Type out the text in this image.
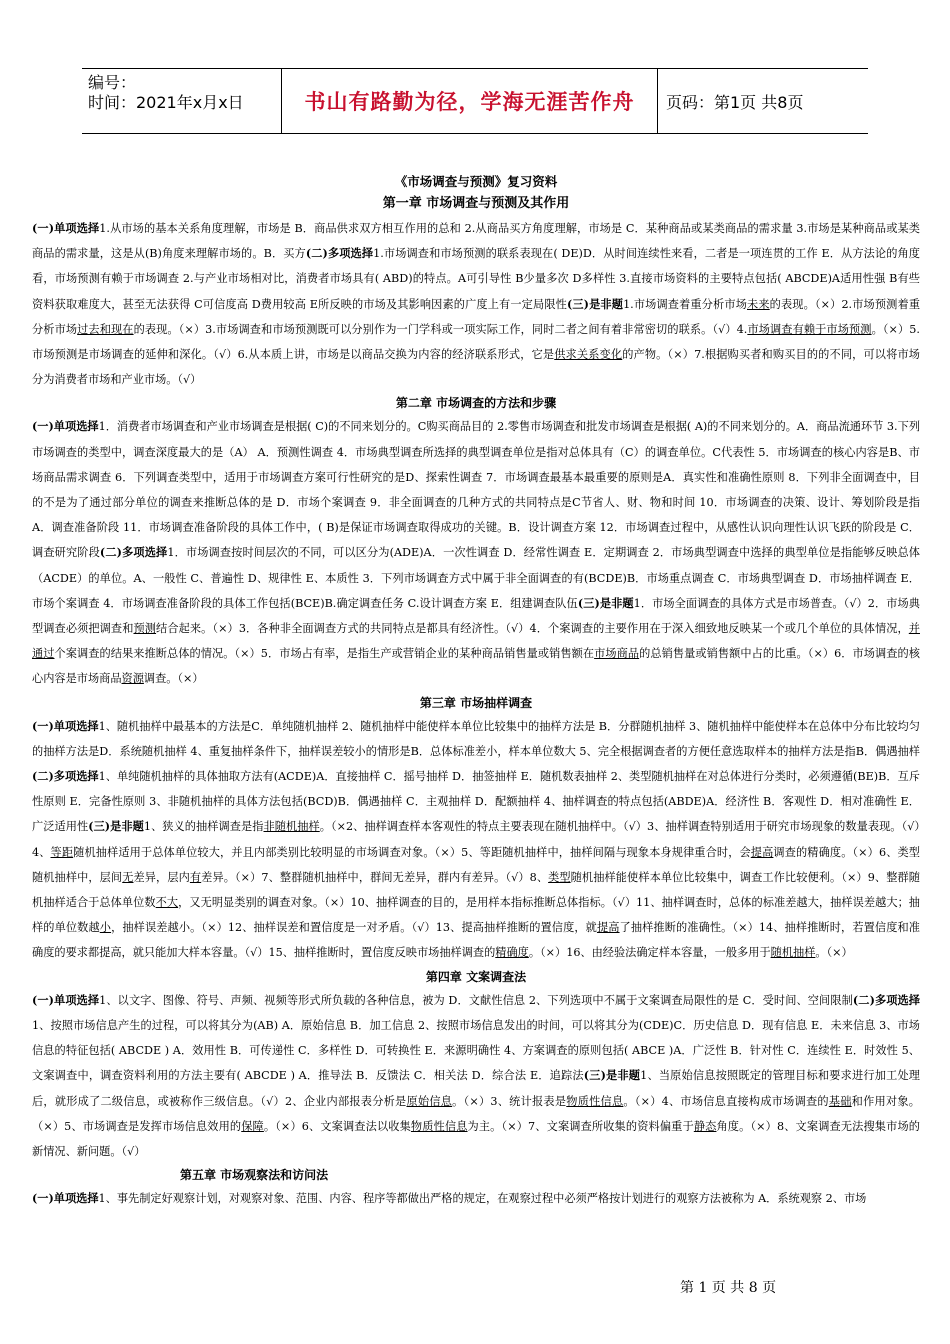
编号：
时间：2021年x月x日	书山有路勤为径，学海无涯苦作舟 页码：第1页 共8页
《市场调查与预测》复习资料
第一章 市场调查与预测及其作用

(一)单项选择1.从市场的基本关系角度理解，市场是 B．商品供求双方相互作用的总和 2.从商品买方角度理解，市场是 C．某种商品或某类商品的需求量 3.市场是某种商品或某类商品的需求量，这是从(B)角度来理解市场的。B．买方(二)多项选择1.市场调查和市场预测的联系表现在( DE)D．从时间连续性来看，二者是一项连贯的工作 E．从方法论的角度看，市场预测有赖于市场调查 2.与产业市场相对比，消费者市场具有( ABD)的特点。A可引导性 B少量多次 D多样性 3.直接市场资料的主要特点包括( ABCDE)A适用性强 B有些资料获取难度大，甚至无法获得 C可信度高 D费用较高 E所反映的市场及其影响因素的广度上有一定局限性(三)是非题1.市场调查着重分析市场未来的表现。（×）2.市场预测着重分析市场过去和现在的表现。（×）3.市场调查和市场预测既可以分别作为一门学科或一项实际工作，同时二者之间有着非常密切的联系。（√）4.市场调查有赖于市场预测。（×）5.市场预测是市场调查的延伸和深化。（√）6.从本质上讲，市场是以商品交换为内容的经济联系形式，它是供求关系变化的产物。（×）7.根据购买者和购买目的的不同，可以将市场分为消费者市场和产业市场。（√）

第二章 市场调查的方法和步骤

(一)单项选择1．消费者市场调查和产业市场调查是根据( C)的不同来划分的。C购买商品目的 2.零售市场调查和批发市场调查是根据( A)的不同来划分的。A．商品流通环节 3.下列市场调查的类型中，调查深度最大的是（A） A．预测性调查 4．市场典型调查所选择的典型调查单位是指对总体具有（C）的调查单位。C代表性 5．市场调查的核心内容是B、市场商品需求调查 6．下列调查类型中，适用于市场调查方案可行性研究的是D、探索性调查 7．市场调查最基本最重要的原则是A．真实性和准确性原则 8．下列非全面调查中，目的不是为了通过部分单位的调查来推断总体的是 D．市场个案调查 9．非全面调查的几种方式的共同特点是C节省人、财、物和时间 10．市场调查的决策、设计、筹划阶段是指 A．调查准备阶段 11．市场调查准备阶段的具体工作中，( B)是保证市场调查取得成功的关键。B．设计调查方案 12．市场调查过程中，从感性认识向理性认识飞跃的阶段是 C．调查研究阶段(二)多项选择1．市场调查按时间层次的不同，可以区分为(ADE)A．一次性调查 D．经常性调查 E．定期调查 2．市场典型调查中选择的典型单位是指能够反映总体（ACDE）的单位。A、一般性 C、普遍性 D、规律性 E、本质性 3．下列市场调查方式中属于非全面调查的有(BCDE)B．市场重点调查 C．市场典型调查 D．市场抽样调查 E．市场个案调查 4．市场调查准备阶段的具体工作包括(BCE)B.确定调查任务 C.设计调查方案 E．组建调查队伍(三)是非题1．市场全面调查的具体方式是市场普查。（√）2．市场典型调查必须把调查和预测结合起来。（×）3．各种非全面调查方式的共同特点是都具有经济性。（√）4．个案调查的主要作用在于深入细致地反映某一个或几个单位的具体情况，并通过个案调查的结果来推断总体的情况。（×）5．市场占有率，是指生产或营销企业的某种商品销售量或销售额在市场商品的总销售量或销售额中占的比重。（×）6．市场调查的核心内容是市场商品资源调查。（×）

第三章 市场抽样调查

(一)单项选择1、随机抽样中最基本的方法是C．单纯随机抽样 2、随机抽样中能使样本单位比较集中的抽样方法是 B．分群随机抽样 3、随机抽样中能使样本在总体中分布比较均匀的抽样方法是D．系统随机抽样 4、重复抽样条件下，抽样误差较小的情形是B．总体标准差小，样本单位数大 5、完全根据调查者的方便任意选取样本的抽样方法是指B．偶遇抽样 (二)多项选择1、单纯随机抽样的具体抽取方法有(ACDE)A．直接抽样 C．摇号抽样 D．抽签抽样 E．随机数表抽样 2、类型随机抽样在对总体进行分类时，必须遵循(BE)B．互斥性原则 E．完备性原则 3、非随机抽样的具体方法包括(BCD)B．偶遇抽样 C．主观抽样 D．配额抽样 4、抽样调查的特点包括(ABDE)A．经济性 B．客观性 D．相对准确性 E．广泛适用性(三)是非题1、狭义的抽样调查是指非随机抽样。（×2、抽样调查样本客观性的特点主要表现在随机抽样中。（√）3、抽样调查特别适用于研究市场现象的数量表现。（√）4、等距随机抽样适用于总体单位较大，并且内部类别比较明显的市场调查对象。（×）5、等距随机抽样中，抽样间隔与现象本身规律重合时，会提高调查的精确度。（×）6、类型随机抽样中，层间无差异，层内有差异。（×）7、整群随机抽样中，群间无差异，群内有差异。（√）8、类型随机抽样能使样本单位比较集中，调查工作比较便利。（×）9、整群随机抽样适合于总体单位数不大，又无明显类别的调查对象。（×）10、抽样调查的目的，是用样本指标推断总体指标。（√）11、抽样调查时，总体的标准差越大，抽样误差越大；抽样的单位数越小，抽样误差越小。（×）12、抽样误差和置信度是一对矛盾。（√）13、提高抽样推断的置信度，就提高了抽样推断的准确性。（×）14、抽样推断时，若置信度和准确度的要求都提高，就只能加大样本容量。（√）15、抽样推断时，置信度反映市场抽样调查的精确度。（×）16、由经验法确定样本容量，一般多用于随机抽样。（×）

第四章 文案调查法

(一)单项选择1、以文字、图像、符号、声频、视频等形式所负载的各种信息，被为 D．文献性信息 2、下列选项中不属于文案调查局限性的是 C．受时间、空间限制(二)多项选择1、按照市场信息产生的过程，可以将其分为(AB) A．原始信息 B．加工信息 2、按照市场信息发出的时间，可以将其分为(CDE)C．历史信息 D．现有信息 E．未来信息 3、市场信息的特征包括( ABCDE ) A．效用性 B．可传递性 C．多样性 D．可转换性 E．来源明确性 4、方案调查的原则包括( ABCE )A．广泛性 B．针对性 C．连续性 E．时效性 5、文案调查中，调查资料利用的方法主要有( ABCDE ) A．推导法 B．反馈法 C．相关法 D．综合法 E．追踪法(三)是非题1、当原始信息按照既定的管理目标和要求进行加工处理后，就形成了二级信息，或被称作三级信息。（√）2、企业内部报表分析是原始信息。（×）3、统计报表是物质性信息。（×）4、市场信息直接构成市场调查的基础和作用对象。（×）5、市场调查是发挥市场信息效用的保障。（×）6、文案调查法以收集物质性信息为主。（×）7、文案调查所收集的资料偏重于静态角度。（×）8、文案调查无法搜集市场的新情况、新问题。（√）

第五章 市场观察法和访问法

(一)单项选择1、事先制定好观察计划，对观察对象、范围、内容、程序等都做出严格的规定，在观察过程中必须严格按计划进行的观察方法被称为 A．系统观察 2、市场

第 1 页 共 8 页
